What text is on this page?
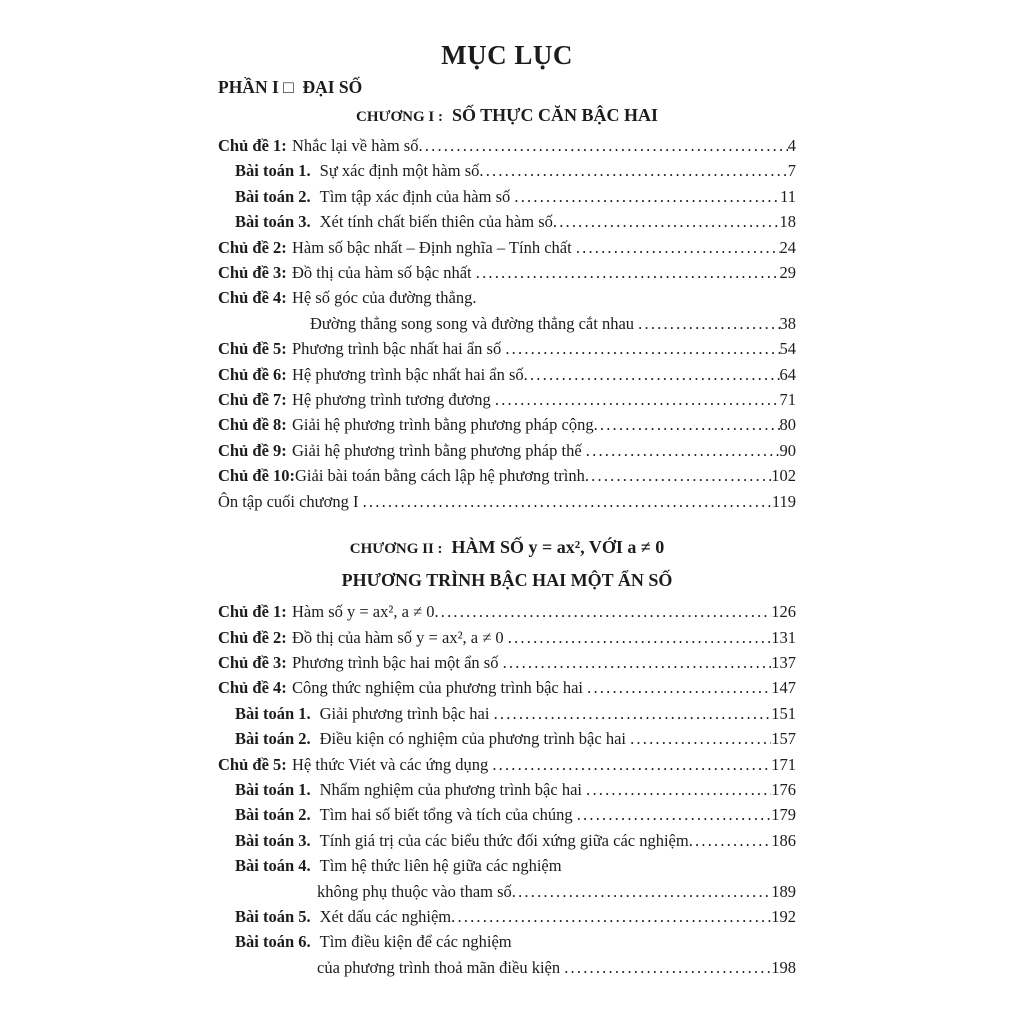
MỤC LỤC
PHẦN I □  ĐẠI SỐ
CHƯƠNG I : SỐ THỰC CĂN BẬC HAI
Chủ đề 1: Nhắc lại về hàm số .....	4
Bài toán 1. Sự xác định một hàm số .....	7
Bài toán 2. Tìm tập xác định của hàm số .....	11
Bài toán 3. Xét tính chất biến thiên của hàm số .....	18
Chủ đề 2: Hàm số bậc nhất – Định nghĩa – Tính chất .....	24
Chủ đề 3: Đồ thị của hàm số bậc nhất .....	29
Chủ đề 4: Hệ số góc của đường thẳng.
Đường thẳng song song và đường thẳng cắt nhau .....	38
Chủ đề 5: Phương trình bậc nhất hai ẩn số .....	54
Chủ đề 6: Hệ phương trình bậc nhất hai ẩn số .....	64
Chủ đề 7: Hệ phương trình tương đương .....	71
Chủ đề 8: Giải hệ phương trình bằng phương pháp cộng .....	80
Chủ đề 9: Giải hệ phương trình bằng phương pháp thế .....	90
Chủ đề 10: Giải bài toán bằng cách lập hệ phương trình .....	102
Ôn tập cuối chương I .....	119
CHƯƠNG II : HÀM SỐ y = ax², VỚI a ≠ 0
PHƯƠNG TRÌNH BẬC HAI MỘT ẨN SỐ
Chủ đề 1: Hàm số y = ax², a ≠ 0 .....	126
Chủ đề 2: Đồ thị của hàm số y = ax², a ≠ 0 .....	131
Chủ đề 3: Phương trình bậc hai một ẩn số .....	137
Chủ đề 4: Công thức nghiệm của phương trình bậc hai .....	147
Bài toán 1. Giải phương trình bậc hai .....	151
Bài toán 2. Điều kiện có nghiệm của phương trình bậc hai .....	157
Chủ đề 5: Hệ thức Viét và các ứng dụng .....	171
Bài toán 1. Nhẩm nghiệm của phương trình bậc hai .....	176
Bài toán 2. Tìm hai số biết tổng và tích của chúng .....	179
Bài toán 3. Tính giá trị của các biểu thức đối xứng giữa các nghiệm .....	186
Bài toán 4. Tìm hệ thức liên hệ giữa các nghiệm
không phụ thuộc vào tham số .....	189
Bài toán 5. Xét dấu các nghiệm .....	192
Bài toán 6. Tìm điều kiện để các nghiệm
của phương trình thoả mãn điều kiện .....	198
